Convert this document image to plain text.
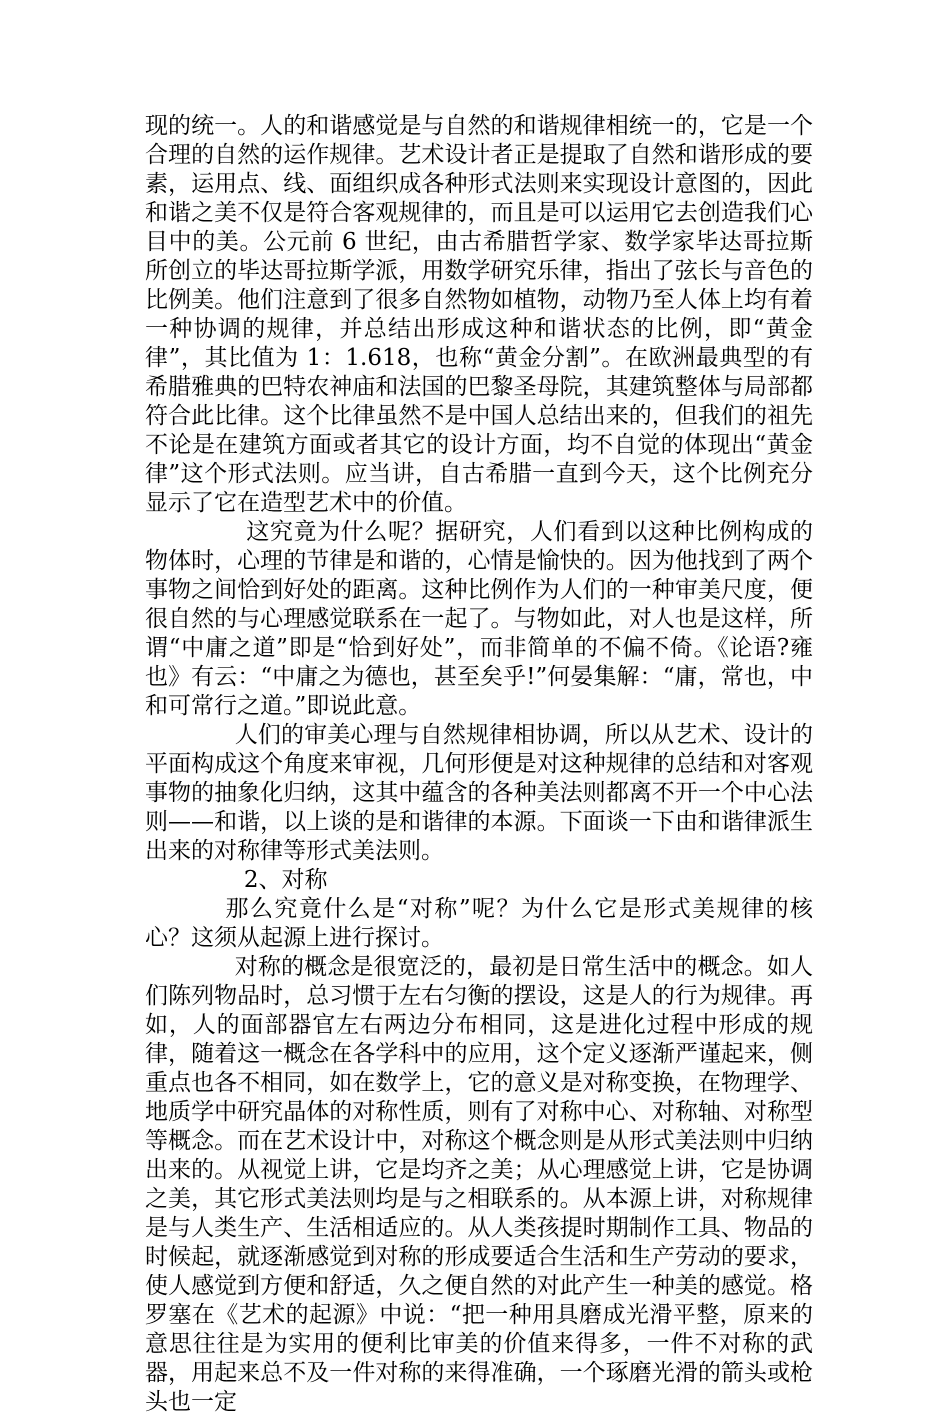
现的统一。人的和谐感觉是与自然的和谐规律相统一的，它是一个合理的自然的运作规律。艺术设计者正是提取了自然和谐形成的要素，运用点、线、面组织成各种形式法则来实现设计意图的，因此和谐之美不仅是符合客观规律的，而且是可以运用它去创造我们心目中的美。公元前 6 世纪，由古希腊哲学家、数学家毕达哥拉斯所创立的毕达哥拉斯学派，用数学研究乐律，指出了弦长与音色的比例美。他们注意到了很多自然物如植物，动物乃至人体上均有着一种协调的规律，并总结出形成这种和谐状态的比例，即“黄金律”，其比值为 1：1.618，也称“黄金分割”。在欧洲最典型的有希腊雅典的巴特农神庙和法国的巴黎圣母院，其建筑整体与局部都符合此比律。这个比律虽然不是中国人总结出来的，但我们的祖先不论是在建筑方面或者其它的设计方面，均不自觉的体现出“黄金律”这个形式法则。应当讲，自古希腊一直到今天，这个比例充分显示了它在造型艺术中的价值。

这究竟为什么呢？据研究，人们看到以这种比例构成的物体时，心理的节律是和谐的，心情是愉快的。因为他找到了两个事物之间恰到好处的距离。这种比例作为人们的一种审美尺度，便很自然的与心理感觉联系在一起了。与物如此，对人也是这样，所谓“中庸之道”即是“恰到好处”，而非简单的不偏不倚。《论语?雍也》有云：“中庸之为德也，甚至矣乎!”何晏集解：“庸，常也，中和可常行之道。”即说此意。

人们的审美心理与自然规律相协调，所以从艺术、设计的平面构成这个角度来审视，几何形便是对这种规律的总结和对客观事物的抽象化归纳，这其中蕴含的各种美法则都离不开一个中心法则——和谐，以上谈的是和谐律的本源。下面谈一下由和谐律派生出来的对称律等形式美法则。

2、对称

那么究竟什么是“对称”呢？为什么它是形式美规律的核心？这须从起源上进行探讨。

对称的概念是很宽泛的，最初是日常生活中的概念。如人们陈列物品时，总习惯于左右匀衡的摆设，这是人的行为规律。再如，人的面部器官左右两边分布相同，这是进化过程中形成的规律，随着这一概念在各学科中的应用，这个定义逐渐严谨起来，侧重点也各不相同，如在数学上，它的意义是对称变换，在物理学、地质学中研究晶体的对称性质，则有了对称中心、对称轴、对称型等概念。而在艺术设计中，对称这个概念则是从形式美法则中归纳出来的。从视觉上讲，它是均齐之美；从心理感觉上讲，它是协调之美，其它形式美法则均是与之相联系的。从本源上讲，对称规律是与人类生产、生活相适应的。从人类孩提时期制作工具、物品的时候起，就逐渐感觉到对称的形成要适合生活和生产劳动的要求，使人感觉到方便和舒适，久之便自然的对此产生一种美的感觉。格罗塞在《艺术的起源》中说：“把一种用具磨成光滑平整，原来的意思往往是为实用的便利比审美的价值来得多，一件不对称的武器，用起来总不及一件对称的来得准确，一个琢磨光滑的箭头或枪头也一定
